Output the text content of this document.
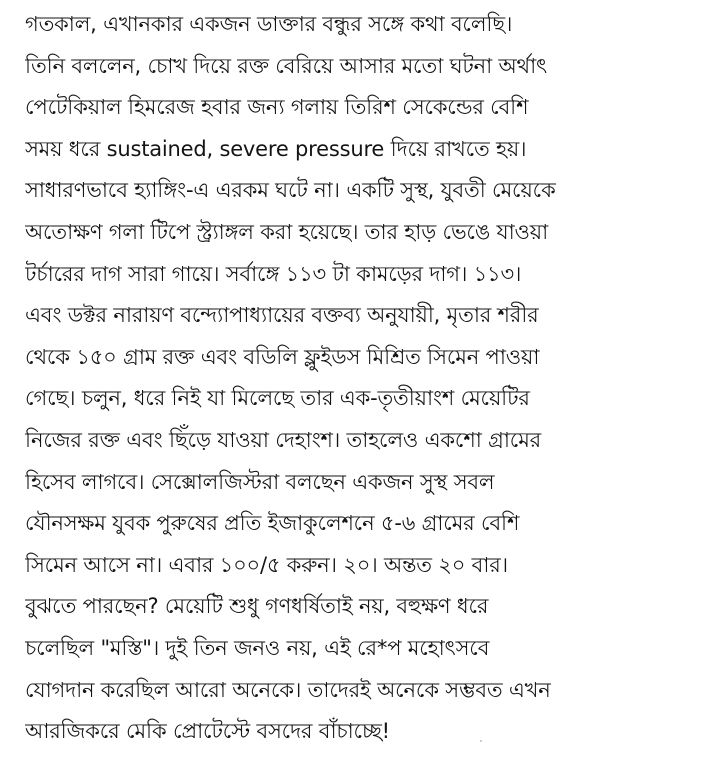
গতকাল, এখানকার একজন ডাক্তার বন্ধুর সঙ্গে কথা বলেছি।
তিনি বললেন, চোখ দিয়ে রক্ত বেরিয়ে আসার মতো ঘটনা অর্থাৎ
পেটেকিয়াল হিমরেজ হবার জন্য গলায় তিরিশ সেকেন্ডের বেশি
সময় ধরে sustained, severe pressure দিয়ে রাখতে হয়।
সাধারণভাবে হ্যাঙ্গিং-এ এরকম ঘটে না। একটি সুস্থ, যুবতী মেয়েকে
অতোক্ষণ গলা টিপে স্ট্র্যাঙ্গল করা হয়েছে। তার হাড় ভেঙে যাওয়া
টর্চারের দাগ সারা গায়ে। সর্বাঙ্গে ১১৩ টা কামড়ের দাগ। ১১৩।
এবং ডক্টর নারায়ণ বন্দ্যোপাধ্যায়ের বক্তব্য অনুযায়ী, মৃতার শরীর
থেকে ১৫০ গ্রাম রক্ত এবং বডিলি ফ্লুইডস মিশ্রিত সিমেন পাওয়া
গেছে। চলুন, ধরে নিই যা মিলেছে তার এক-তৃতীয়াংশ মেয়েটির
নিজের রক্ত এবং ছিঁড়ে যাওয়া দেহাংশ। তাহলেও একশো গ্রামের
হিসেব লাগবে। সেক্সোলজিস্টরা বলছেন একজন সুস্থ সবল
যৌনসক্ষম যুবক পুরুষের প্রতি ইজাকুলেশনে ৫-৬ গ্রামের বেশি
সিমেন আসে না। এবার ১০০/৫ করুন। ২০। অন্তত ২০ বার।
বুঝতে পারছেন? মেয়েটি শুধু গণধর্ষিতাই নয়, বহুক্ষণ ধরে
চলেছিল "মস্তি"। দুই তিন জনও নয়, এই রে*প মহোৎসবে
যোগদান করেছিল আরো অনেকে। তাদেরই অনেকে সম্ভবত এখন
আরজিকরে মেকি প্রোটেস্টে বসদের বাঁচাচ্ছে!
